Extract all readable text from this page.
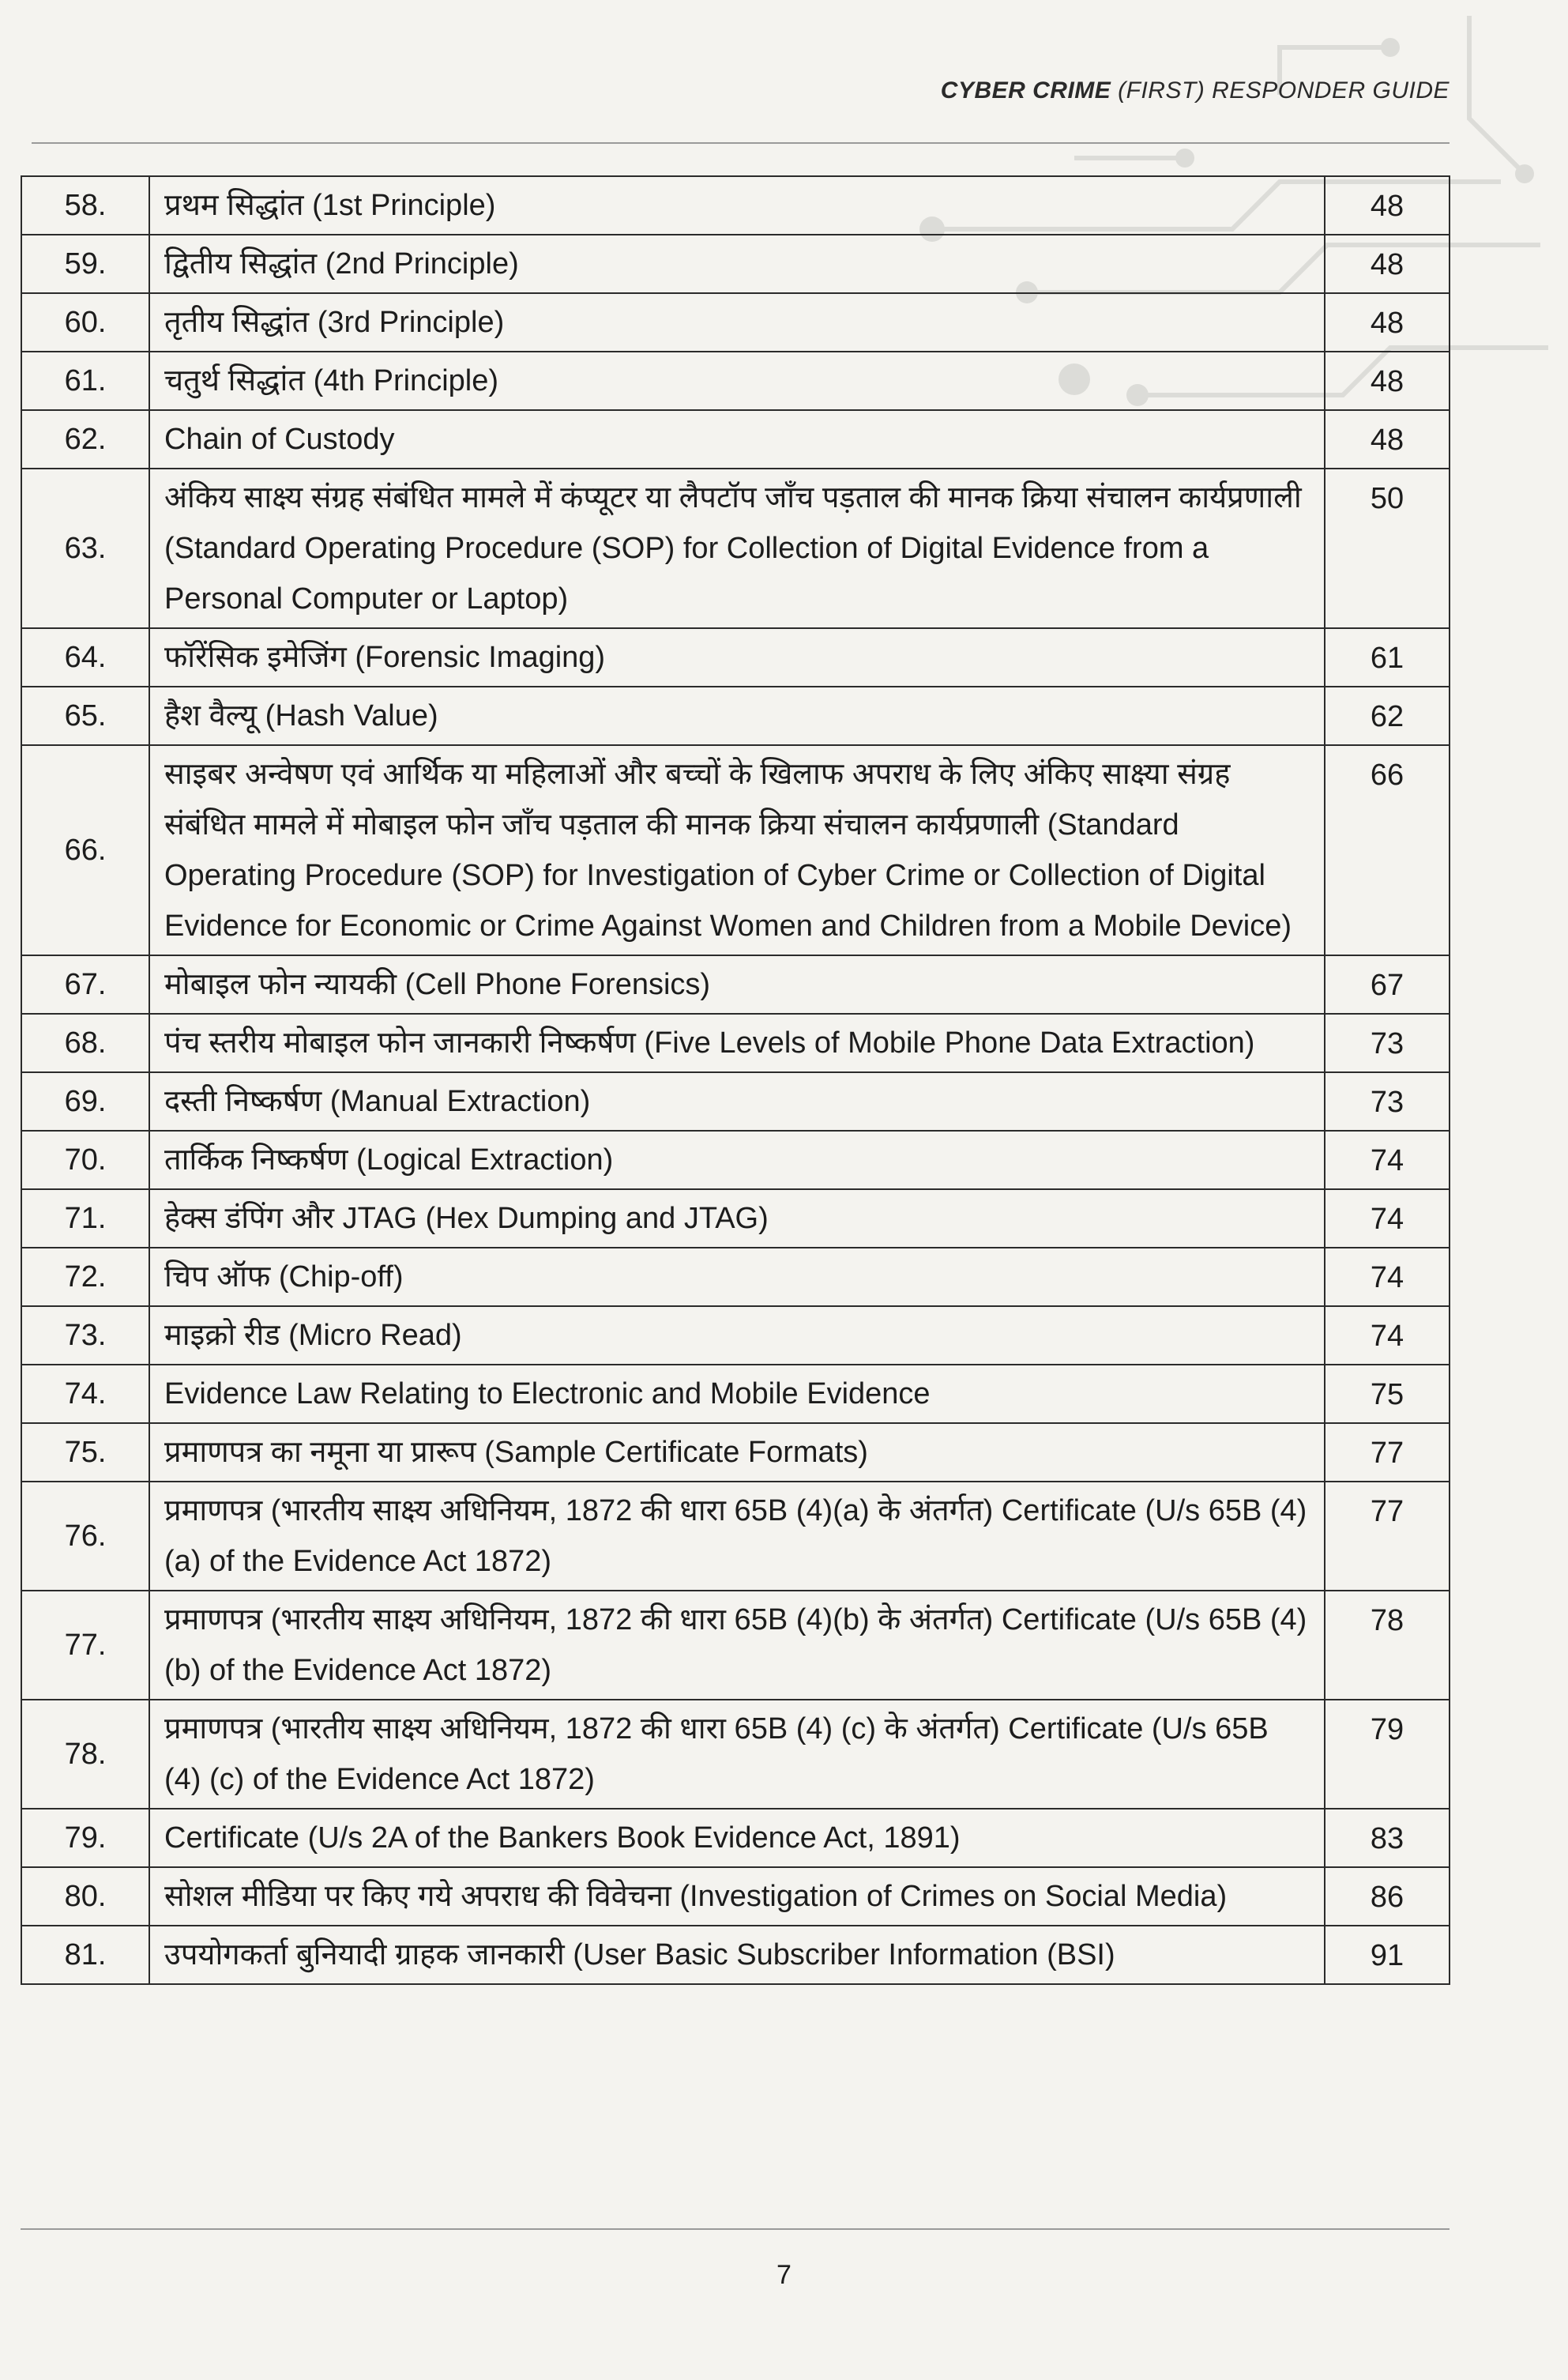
CYBER CRIME (FIRST) RESPONDER GUIDE
58.	प्रथम सिद्धांत (1st Principle)	48
59.	द्वितीय सिद्धांत (2nd Principle)	48
60.	तृतीय सिद्धांत (3rd Principle)	48
61.	चतुर्थ सिद्धांत (4th Principle)	48
62.	Chain of Custody	48
63.	अंकिय साक्ष्य संग्रह संबंधित मामले में कंप्यूटर या लैपटॉप जाँच पड़ताल की मानक क्रिया संचालन कार्यप्रणाली (Standard Operating Procedure (SOP) for Collection of Digital Evidence from a Personal Computer or Laptop)	50
64.	फॉरेंसिक इमेजिंग (Forensic Imaging)	61
65.	हैश वैल्यू (Hash Value)	62
66.	साइबर अन्वेषण एवं आर्थिक या महिलाओं और बच्चों के खिलाफ अपराध के लिए अंकिए साक्ष्या संग्रह संबंधित मामले में मोबाइल फोन जाँच पड़ताल की मानक क्रिया संचालन कार्यप्रणाली (Standard Operating Procedure (SOP) for Investigation of Cyber Crime or Collection of Digital Evidence for Economic or Crime Against Women and Children from a Mobile Device)	66
67.	मोबाइल फोन न्यायकी (Cell Phone Forensics)	67
68.	पंच स्तरीय मोबाइल फोन जानकारी निष्कर्षण (Five Levels of Mobile Phone Data Extraction)	73
69.	दस्ती निष्कर्षण (Manual Extraction)	73
70.	तार्किक निष्कर्षण (Logical Extraction)	74
71.	हेक्स डंपिंग और JTAG (Hex Dumping and JTAG)	74
72.	चिप ऑफ (Chip-off)	74
73.	माइक्रो रीड (Micro Read)	74
74.	Evidence Law Relating to Electronic and Mobile Evidence	75
75.	प्रमाणपत्र का नमूना या प्रारूप (Sample Certificate Formats)	77
76.	प्रमाणपत्र (भारतीय साक्ष्य अधिनियम, 1872 की धारा 65B (4)(a) के अंतर्गत) Certificate (U/s 65B (4) (a) of the Evidence Act 1872)	77
77.	प्रमाणपत्र (भारतीय साक्ष्य अधिनियम, 1872 की धारा 65B (4)(b) के अंतर्गत) Certificate (U/s 65B (4) (b) of the Evidence Act 1872)	78
78.	प्रमाणपत्र (भारतीय साक्ष्य अधिनियम, 1872 की धारा 65B (4) (c) के अंतर्गत) Certificate (U/s 65B (4) (c) of the Evidence Act 1872)	79
79.	Certificate (U/s 2A of the Bankers Book Evidence Act, 1891)	83
80.	सोशल मीडिया पर किए गये अपराध की विवेचना (Investigation of Crimes on Social Media)	86
81.	उपयोगकर्ता बुनियादी ग्राहक जानकारी (User Basic Subscriber Information (BSI)	91
7
